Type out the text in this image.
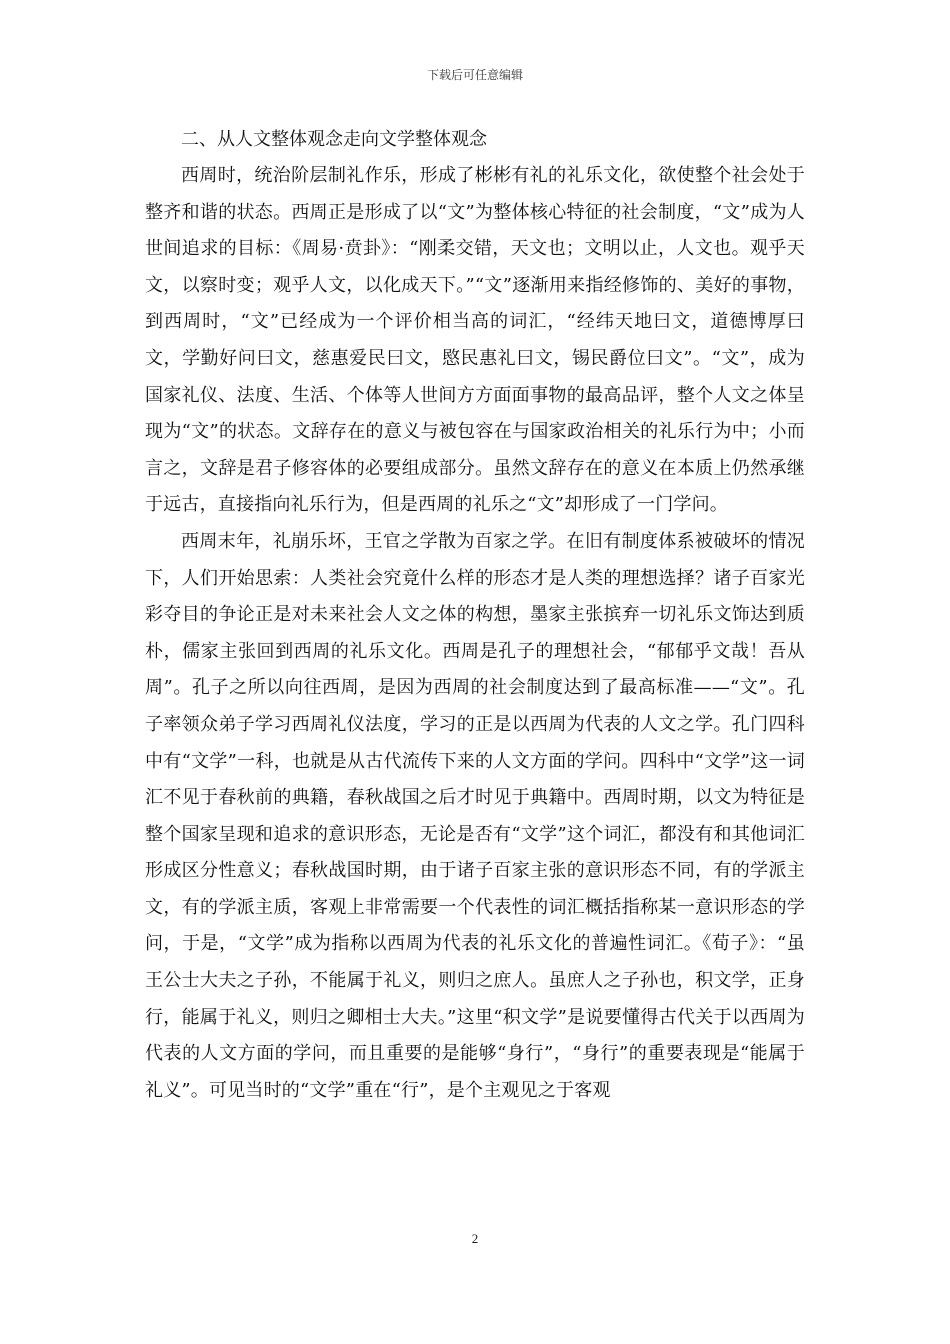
下载后可任意编辑

二、从人文整体观念走向文学整体观念

西周时，统治阶层制礼作乐，形成了彬彬有礼的礼乐文化，欲使整个社会处于整齐和谐的状态。西周正是形成了以“文”为整体核心特征的社会制度，“文”成为人世间追求的目标：《周易·贲卦》：“刚柔交错，天文也；文明以止，人文也。观乎天文，以察时变；观乎人文，以化成天下。”“文”逐渐用来指经修饰的、美好的事物，到西周时，“文”已经成为一个评价相当高的词汇，“经纬天地曰文，道德博厚曰文，学勤好问曰文，慈惠爱民曰文，愍民惠礼曰文，锡民爵位曰文”。“文”，成为国家礼仪、法度、生活、个体等人世间方方面面事物的最高品评，整个人文之体呈现为“文”的状态。文辞存在的意义与被包容在与国家政治相关的礼乐行为中；小而言之，文辞是君子修容体的必要组成部分。虽然文辞存在的意义在本质上仍然承继于远古，直接指向礼乐行为，但是西周的礼乐之“文”却形成了一门学问。

西周末年，礼崩乐坏，王官之学散为百家之学。在旧有制度体系被破坏的情况下，人们开始思索：人类社会究竟什么样的形态才是人类的理想选择？诸子百家光彩夺目的争论正是对未来社会人文之体的构想，墨家主张摈弃一切礼乐文饰达到质朴，儒家主张回到西周的礼乐文化。西周是孔子的理想社会，“郁郁乎文哉！吾从周”。孔子之所以向往西周，是因为西周的社会制度达到了最高标准——“文”。孔子率领众弟子学习西周礼仪法度，学习的正是以西周为代表的人文之学。孔门四科中有“文学”一科，也就是从古代流传下来的人文方面的学问。四科中“文学”这一词汇不见于春秋前的典籍，春秋战国之后才时见于典籍中。西周时期，以文为特征是整个国家呈现和追求的意识形态，无论是否有“文学”这个词汇，都没有和其他词汇形成区分性意义；春秋战国时期，由于诸子百家主张的意识形态不同，有的学派主文，有的学派主质，客观上非常需要一个代表性的词汇概括指称某一意识形态的学问，于是，“文学”成为指称以西周为代表的礼乐文化的普遍性词汇。《荀子》：“虽王公士大夫之子孙，不能属于礼义，则归之庶人。虽庶人之子孙也，积文学，正身行，能属于礼义，则归之卿相士大夫。”这里“积文学”是说要懂得古代关于以西周为代表的人文方面的学问，而且重要的是能够“身行”，“身行”的重要表现是“能属于礼义”。可见当时的“文学”重在“行”，是个主观见之于客观

2
